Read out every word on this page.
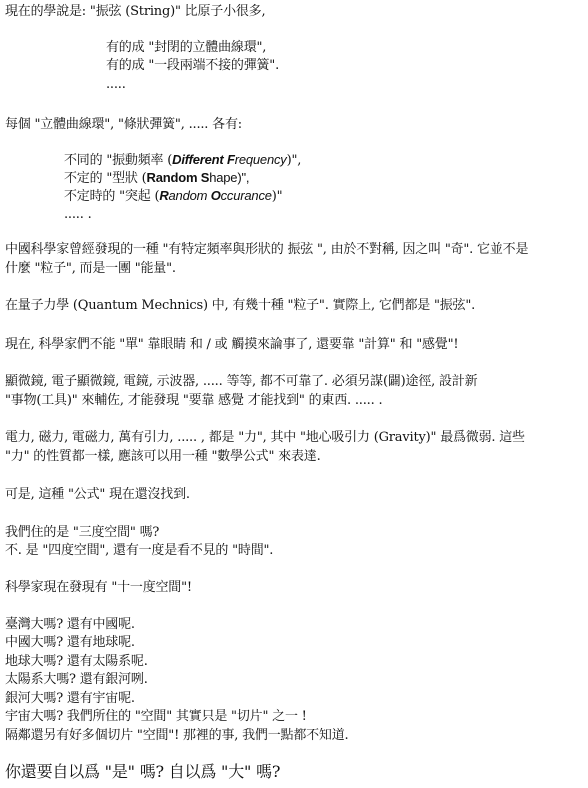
現在的學說是: "振弦 (String)" 比原子小很多,
有的成 "封閉的立體曲線環",
有的成 "一段兩端不接的彈簧".
.....
每個 "立體曲線環", "條狀彈簧", ..... 各有:
不同的 "振動頻率 (Different Frequency)",
不定的 "型狀 (Random Shape)",
不定時的 "突起 (Random Occurance)"
..... .
中國科學家曾經發現的一種 "有特定頻率與形狀的 振弦 ", 由於不對稱, 因之叫 "奇". 它並不是
什麼 "粒子", 而是一團 "能量".
在量子力學 (Quantum Mechnics) 中, 有幾十種 "粒子". 實際上, 它們都是 "振弦".
現在, 科學家們不能 "單" 靠眼睛 和 / 或 觸摸來論事了, 還要靠 "計算" 和 "感覺"!
顯微鏡, 電子顯微鏡, 電鏡, 示波器, ..... 等等, 都不可靠了. 必須另謀(闢)途徑, 設計新
"事物(工具)" 來輔佐, 才能發現 "要靠 感覺 才能找到" 的東西. ..... .
電力, 磁力, 電磁力, 萬有引力, ..... , 都是 "力", 其中 "地心吸引力 (Gravity)" 最爲微弱. 這些
"力" 的性質都一樣, 應該可以用一種 "數學公式" 來表達.
可是, 這種 "公式" 現在還沒找到.
我們住的是 "三度空間" 嗎?
不. 是 "四度空間", 還有一度是看不見的 "時間".
科學家現在發現有 "十一度空間"!
臺灣大嗎? 還有中國呢.
中國大嗎? 還有地球呢.
地球大嗎? 還有太陽系呢.
太陽系大嗎? 還有銀河咧.
銀河大嗎? 還有宇宙呢.
宇宙大嗎? 我們所住的 "空間" 其實只是 "切片" 之一 !
隔鄰還另有好多個切片 "空間"! 那裡的事, 我們一點都不知道.
你還要自以爲 "是" 嗎? 自以爲 "大" 嗎?
